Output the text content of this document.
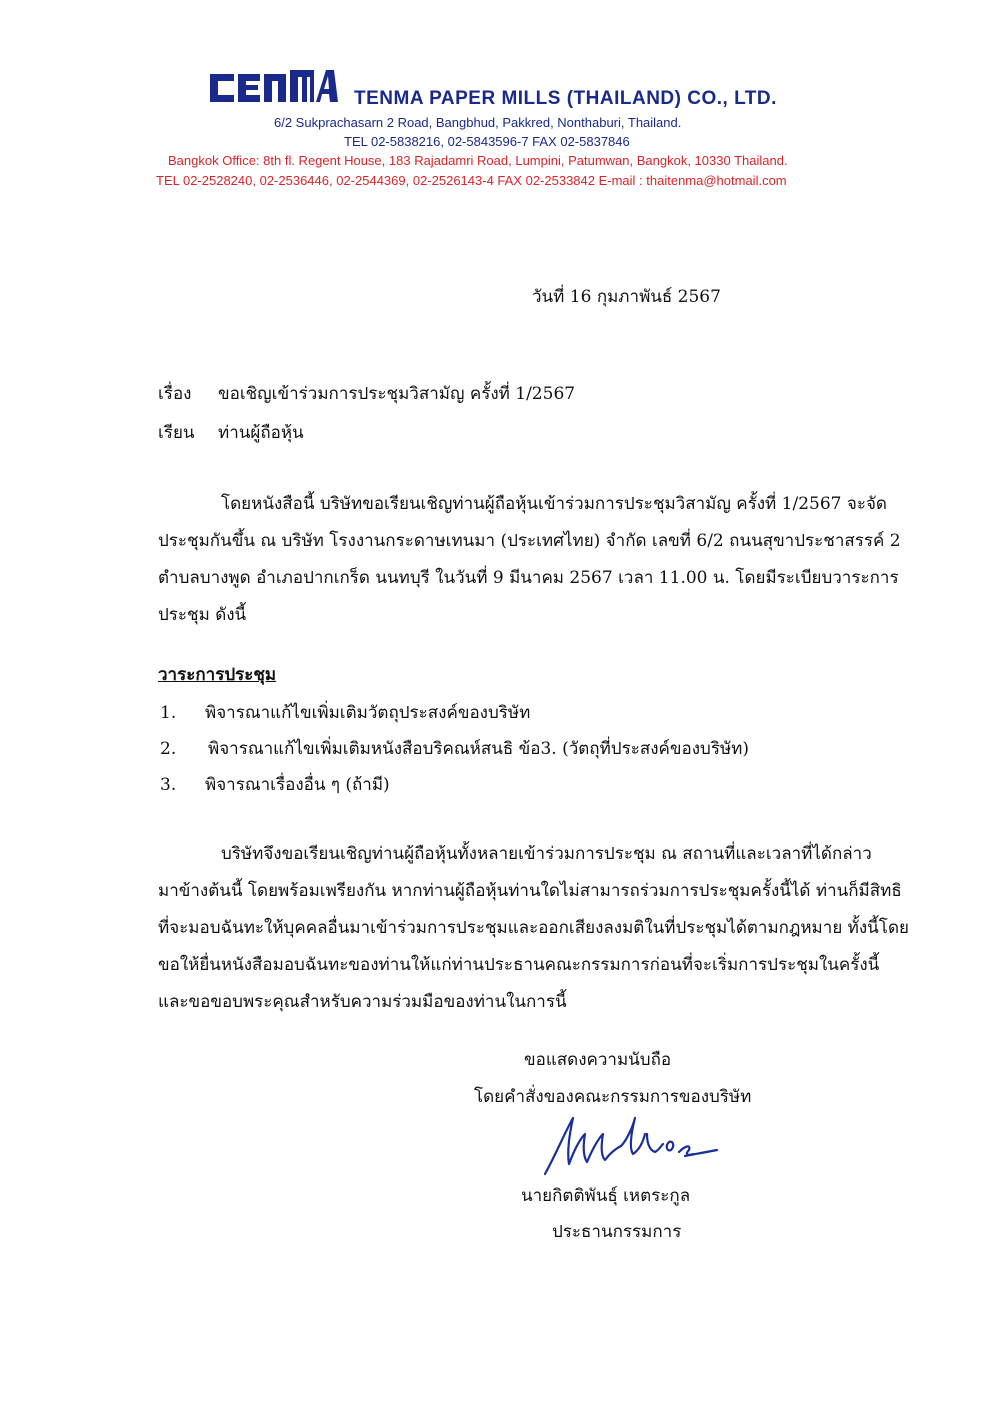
TENMA PAPER MILLS (THAILAND) CO., LTD.
6/2 Sukprachasarn 2 Road, Bangbhud, Pakkred, Nonthaburi, Thailand.
TEL 02-5838216, 02-5843596-7 FAX 02-5837846
Bangkok Office: 8th fl. Regent House, 183 Rajadamri Road, Lumpini, Patumwan, Bangkok, 10330 Thailand.
TEL 02-2528240, 02-2536446, 02-2544369, 02-2526143-4 FAX 02-2533842 E-mail : thaitenma@hotmail.com
วันที่ 16 กุมภาพันธ์ 2567
เรื่อง ขอเชิญเข้าร่วมการประชุมวิสามัญ ครั้งที่ 1/2567
เรียน ท่านผู้ถือหุ้น
โดยหนังสือนี้ บริษัทขอเรียนเชิญท่านผู้ถือหุ้นเข้าร่วมการประชุมวิสามัญ ครั้งที่ 1/2567 จะจัด
ประชุมกันขึ้น ณ บริษัท โรงงานกระดาษเทนมา (ประเทศไทย) จำกัด เลขที่ 6/2 ถนนสุขาประชาสรรค์ 2
ตำบลบางพูด อำเภอปากเกร็ด นนทบุรี ในวันที่ 9 มีนาคม 2567 เวลา 11.00 น. โดยมีระเบียบวาระการ
ประชุม ดังนี้
วาระการประชุม
1. พิจารณาแก้ไขเพิ่มเติมวัตถุประสงค์ของบริษัท
2. พิจารณาแก้ไขเพิ่มเติมหนังสือบริคณห์สนธิ ข้อ3. (วัตถุที่ประสงค์ของบริษัท)
3. พิจารณาเรื่องอื่น ๆ (ถ้ามี)
บริษัทจึงขอเรียนเชิญท่านผู้ถือหุ้นทั้งหลายเข้าร่วมการประชุม ณ สถานที่และเวลาที่ได้กล่าว
มาข้างต้นนี้ โดยพร้อมเพรียงกัน หากท่านผู้ถือหุ้นท่านใดไม่สามารถร่วมการประชุมครั้งนี้ได้ ท่านก็มีสิทธิ
ที่จะมอบฉันทะให้บุคคลอื่นมาเข้าร่วมการประชุมและออกเสียงลงมติในที่ประชุมได้ตามกฎหมาย ทั้งนี้โดย
ขอให้ยื่นหนังสือมอบฉันทะของท่านให้แก่ท่านประธานคณะกรรมการก่อนที่จะเริ่มการประชุมในครั้งนี้
และขอขอบพระคุณสำหรับความร่วมมือของท่านในการนี้
ขอแสดงความนับถือ
โดยคำสั่งของคณะกรรมการของบริษัท
นายกิตติพันธุ์ เหตระกูล
ประธานกรรมการ
